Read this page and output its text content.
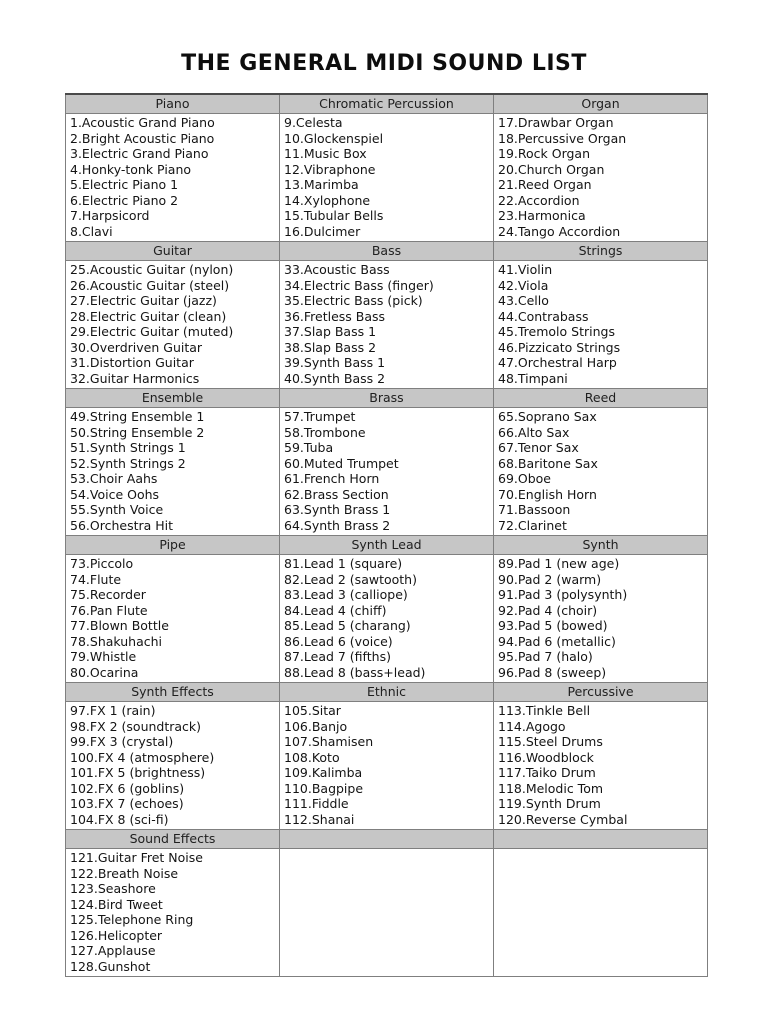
THE GENERAL MIDI SOUND LIST
Piano	Chromatic Percussion	Organ

1.Acoustic Grand Piano
2.Bright Acoustic Piano
3.Electric Grand Piano
4.Honky-tonk Piano
5.Electric Piano 1
6.Electric Piano 2
7.Harpsicord
8.Clavi

9.Celesta
10.Glockenspiel
11.Music Box
12.Vibraphone
13.Marimba
14.Xylophone
15.Tubular Bells
16.Dulcimer

17.Drawbar Organ
18.Percussive Organ
19.Rock Organ
20.Church Organ
21.Reed Organ
22.Accordion
23.Harmonica
24.Tango Accordion

Guitar	Bass	Strings

25.Acoustic Guitar (nylon)
26.Acoustic Guitar (steel)
27.Electric Guitar (jazz)
28.Electric Guitar (clean)
29.Electric Guitar (muted)
30.Overdriven Guitar
31.Distortion Guitar
32.Guitar Harmonics

33.Acoustic Bass
34.Electric Bass (finger)
35.Electric Bass (pick)
36.Fretless Bass
37.Slap Bass 1
38.Slap Bass 2
39.Synth Bass 1
40.Synth Bass 2

41.Violin
42.Viola
43.Cello
44.Contrabass
45.Tremolo Strings
46.Pizzicato Strings
47.Orchestral Harp
48.Timpani

Ensemble	Brass	Reed

49.String Ensemble 1
50.String Ensemble 2
51.Synth Strings 1
52.Synth Strings 2
53.Choir Aahs
54.Voice Oohs
55.Synth Voice
56.Orchestra Hit

57.Trumpet
58.Trombone
59.Tuba
60.Muted Trumpet
61.French Horn
62.Brass Section
63.Synth Brass 1
64.Synth Brass 2

65.Soprano Sax
66.Alto Sax
67.Tenor Sax
68.Baritone Sax
69.Oboe
70.English Horn
71.Bassoon
72.Clarinet

Pipe	Synth Lead	Synth

73.Piccolo
74.Flute
75.Recorder
76.Pan Flute
77.Blown Bottle
78.Shakuhachi
79.Whistle
80.Ocarina

81.Lead 1 (square)
82.Lead 2 (sawtooth)
83.Lead 3 (calliope)
84.Lead 4 (chiff)
85.Lead 5 (charang)
86.Lead 6 (voice)
87.Lead 7 (fifths)
88.Lead 8 (bass+lead)

89.Pad 1 (new age)
90.Pad 2 (warm)
91.Pad 3 (polysynth)
92.Pad 4 (choir)
93.Pad 5 (bowed)
94.Pad 6 (metallic)
95.Pad 7 (halo)
96.Pad 8 (sweep)

Synth Effects	Ethnic	Percussive

97.FX 1 (rain)
98.FX 2 (soundtrack)
99.FX 3 (crystal)
100.FX 4 (atmosphere)
101.FX 5 (brightness)
102.FX 6 (goblins)
103.FX 7 (echoes)
104.FX 8 (sci-fi)

105.Sitar
106.Banjo
107.Shamisen
108.Koto
109.Kalimba
110.Bagpipe
111.Fiddle
112.Shanai

113.Tinkle Bell
114.Agogo
115.Steel Drums
116.Woodblock
117.Taiko Drum
118.Melodic Tom
119.Synth Drum
120.Reverse Cymbal

Sound Effects		

121.Guitar Fret Noise
122.Breath Noise
123.Seashore
124.Bird Tweet
125.Telephone Ring
126.Helicopter
127.Applause
128.Gunshot
